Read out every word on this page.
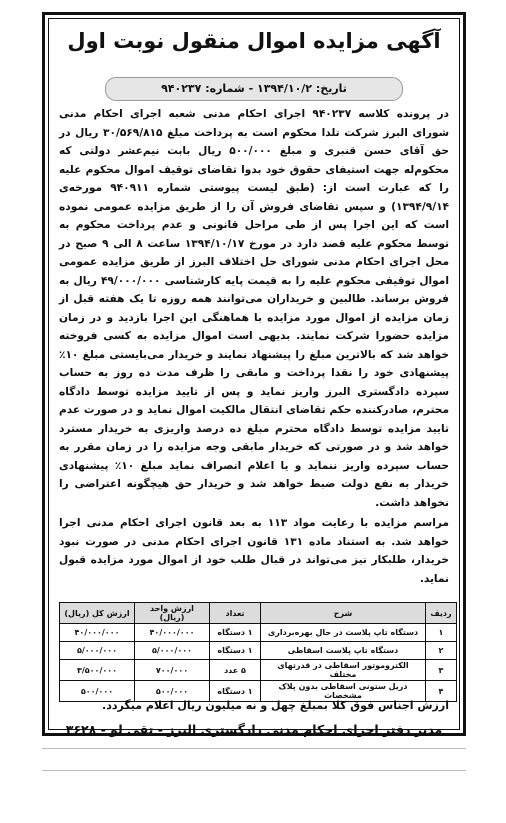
آگهی مزایده اموال منقول نوبت اول
تاریخ: ۱۳۹۴/۱۰/۲ - شماره: ۹۴۰۲۳۷

در پرونده کلاسه ۹۴۰۲۳۷ اجرای احکام مدنی شعبه اجرای احکام مدنی شورای البرز شرکت تلدا محکوم است به پرداخت مبلغ ۳۰/۵۶۹/۸۱۵ ریال در حق آقای حسن قنبری و مبلغ ۵۰۰/۰۰۰ ریال بابت نیم‌عشر دولتی که محکوم‌له جهت استیفای حقوق خود بدوا تقاضای توقیف اموال محکوم علیه را که عبارت است از: (طبق لیست پیوستی شماره ۹۴۰۹۱۱ مورخه‌ی ۱۳۹۴/۹/۱۴) و سپس تقاضای فروش آن را از طریق مزایده عمومی نموده است که این اجرا پس از طی مراحل قانونی و عدم پرداخت محکوم به توسط محکوم علیه قصد دارد در مورخ ۱۳۹۴/۱۰/۱۷ ساعت ۸ الی ۹ صبح در محل اجرای احکام مدنی شورای حل اختلاف البرز از طریق مزایده عمومی اموال توقیفی محکوم علیه را به قیمت پایه کارشناسی ۴۹/۰۰۰/۰۰۰ ریال به فروش برساند. طالبین و خریداران می‌توانند همه روزه تا یک هفته قبل از زمان مزایده از اموال مورد مزایده با هماهنگی این اجرا بازدید و در زمان مزایده حضورا شرکت نمایند. بدیهی است اموال مزایده به کسی فروخته خواهد شد که بالاترین مبلغ را پیشنهاد نمایند و خریدار می‌بایستی مبلغ ۱۰٪ پیشنهادی خود را نقدا پرداخت و مابقی را ظرف مدت ده روز به حساب سپرده دادگستری البرز واریز نماید و پس از تایید مزایده توسط دادگاه محترم، صادرکننده حکم تقاضای انتقال مالکیت اموال نماید و در صورت عدم تایید مزایده توسط دادگاه محترم مبلغ ده درصد واریزی به خریدار مسترد خواهد شد و در صورتی که خریدار مابقی وجه مزایده را در زمان مقرر به حساب سپرده واریز ننماید و یا اعلام انصراف نماید مبلغ ۱۰٪ پیشنهادی خریدار به نفع دولت ضبط خواهد شد و خریدار حق هیچگونه اعتراضی را نخواهد داشت.

مراسم مزایده با رعایت مواد ۱۱۳ به بعد قانون اجرای احکام مدنی اجرا خواهد شد. به استناد ماده ۱۳۱ قانون اجرای احکام مدنی در صورت نبود خریدار، طلبکار نیز می‌تواند در قبال طلب خود از اموال مورد مزایده قبول نماید.

ردیف	شرح	تعداد	ارزش واحد (ریال)	ارزش کل (ریال)
۱	دستگاه تاپ پلاست در حال بهره‌برداری	۱ دستگاه	۴۰/۰۰۰/۰۰۰	۴۰/۰۰۰/۰۰۰
۲	دستگاه تاپ پلاست اسقاطی	۱ دستگاه	۵/۰۰۰/۰۰۰	۵/۰۰۰/۰۰۰
۳	الکتروموتور اسقاطی در قدرتهای مختلف	۵ عدد	۷۰۰/۰۰۰	۳/۵۰۰/۰۰۰
۴	دریل ستونی اسقاطی بدون پلاک مشخصات	۱ دستگاه	۵۰۰/۰۰۰	۵۰۰/۰۰۰
ارزش اجناس فوق کلا بمبلغ چهل و نه میلیون ریال اعلام میگردد.
مدیر دفتر اجرای احکام مدنی دادگستری البرز - تقی لو - ۳۶۲۸
